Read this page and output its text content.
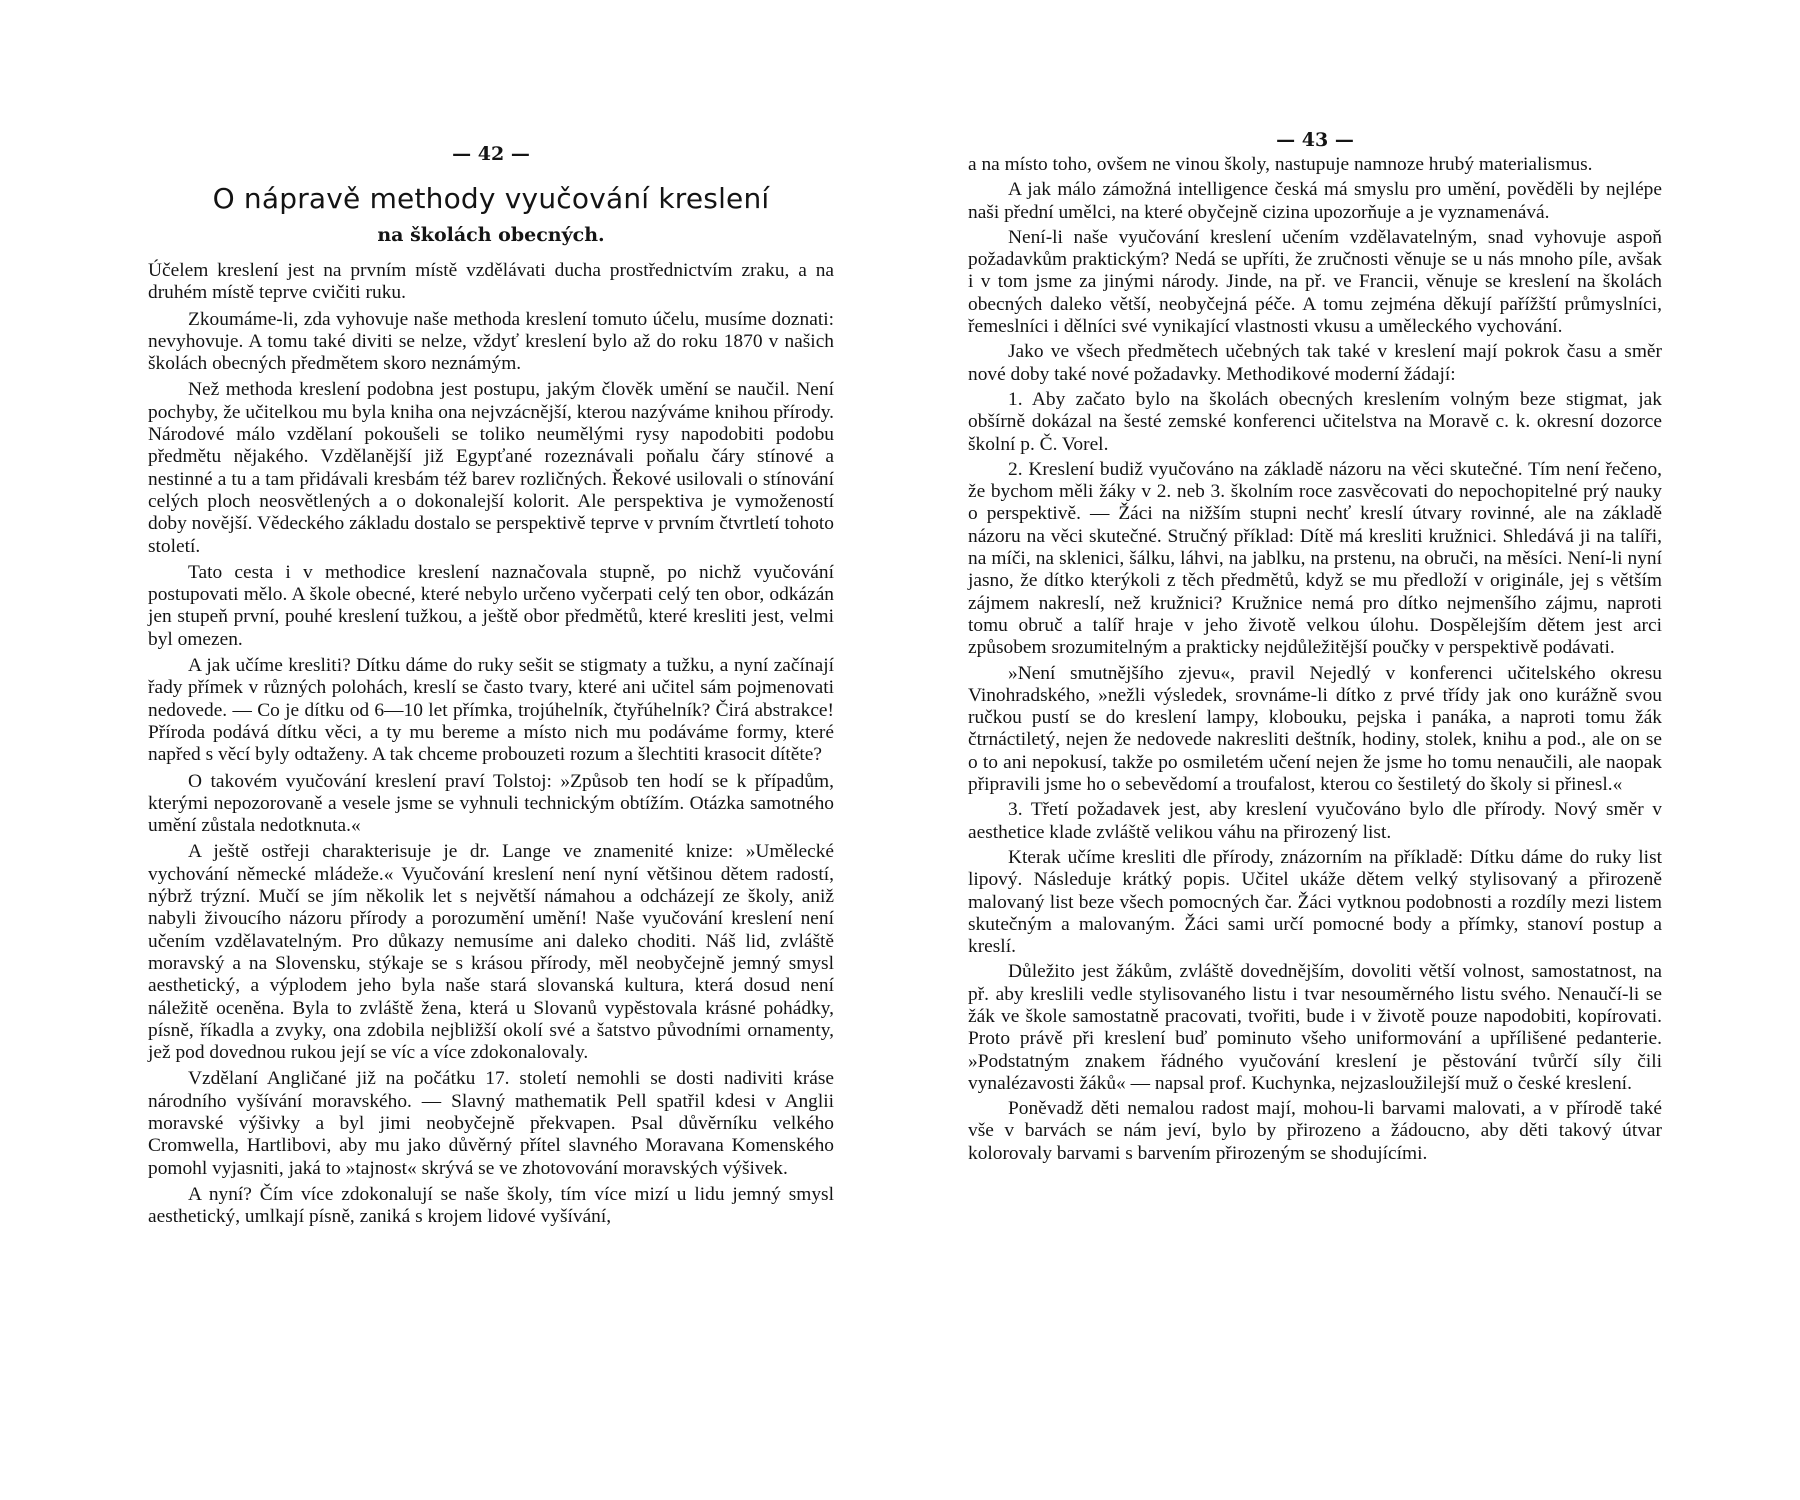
— 42 —
O nápravě methody vyučování kreslení
na školách obecných.

Účelem kreslení jest na prvním místě vzdělávati ducha prostřednictvím zraku, a na druhém místě teprve cvičiti ruku.

Zkoumáme-li, zda vyhovuje naše methoda kreslení tomuto účelu, musíme doznati: nevyhovuje. A tomu také diviti se nelze, vždyť kreslení bylo až do roku 1870 v našich školách obecných předmětem skoro neznámým.

Než methoda kreslení podobna jest postupu, jakým člověk umění se naučil. Není pochyby, že učitelkou mu byla kniha ona nejvzácnější, kterou nazýváme knihou přírody. Národové málo vzdělaní pokoušeli se toliko neumělými rysy napodobiti podobu předmětu nějakého. Vzdělanější již Egypťané rozeznávali poňalu čáry stínové a nestinné a tu a tam přidávali kresbám též barev rozličných. Řekové usilovali o stínování celých ploch neosvětlených a o dokonalejší kolorit. Ale perspektiva je vymožeností doby novější. Vědeckého základu dostalo se perspektivě teprve v prvním čtvrtletí tohoto století.

Tato cesta i v methodice kreslení naznačovala stupně, po nichž vyučování postupovati mělo. A škole obecné, které nebylo určeno vyčerpati celý ten obor, odkázán jen stupeň první, pouhé kreslení tužkou, a ještě obor předmětů, které kresliti jest, velmi byl omezen.

A jak učíme kresliti? Dítku dáme do ruky sešit se stigmaty a tužku, a nyní začínají řady přímek v různých polohách, kreslí se často tvary, které ani učitel sám pojmenovati nedovede. — Co je dítku od 6—10 let přímka, trojúhelník, čtyřúhelník? Čirá abstrakce! Příroda podává dítku věci, a ty mu bereme a místo nich mu podáváme formy, které napřed s věcí byly odtaženy. A tak chceme probouzeti rozum a šlechtiti krasocit dítěte?

O takovém vyučování kreslení praví Tolstoj: »Způsob ten hodí se k případům, kterými nepozorovaně a vesele jsme se vyhnuli technickým obtížím. Otázka samotného umění zůstala nedotknuta.«

A ještě ostřeji charakterisuje je dr. Lange ve znamenité knize: »Umělecké vychování německé mládeže.« Vyučování kreslení není nyní většinou dětem radostí, nýbrž trýzní. Mučí se jím několik let s největší námahou a odcházejí ze školy, aniž nabyli živoucího názoru přírody a porozumění umění! Naše vyučování kreslení není učením vzdělavatelným. Pro důkazy nemusíme ani daleko choditi. Náš lid, zvláště moravský a na Slovensku, stýkaje se s krásou přírody, měl neobyčejně jemný smysl aesthetický, a výplodem jeho byla naše stará slovanská kultura, která dosud není náležitě oceněna. Byla to zvláště žena, která u Slovanů vypěstovala krásné pohádky, písně, říkadla a zvyky, ona zdobila nejbližší okolí své a šatstvo původními ornamenty, jež pod dovednou rukou její se víc a více zdokonalovaly.

Vzdělaní Angličané již na počátku 17. století nemohli se dosti nadiviti kráse národního vyšívání moravského. — Slavný mathematik Pell spatřil kdesi v Anglii moravské výšivky a byl jimi neobyčejně překvapen. Psal důvěrníku velkého Cromwella, Hartlibovi, aby mu jako důvěrný přítel slavného Moravana Komenského pomohl vyjasniti, jaká to »tajnost« skrývá se ve zhotovování moravských výšivek.

A nyní? Čím více zdokonalují se naše školy, tím více mizí u lidu jemný smysl aesthetický, umlkají písně, zaniká s krojem lidové vyšívání,

— 43 —

a na místo toho, ovšem ne vinou školy, nastupuje namnoze hrubý materialismus.

A jak málo zámožná intelligence česká má smyslu pro umění, pověděli by nejlépe naši přední umělci, na které obyčejně cizina upozorňuje a je vyznamenává.

Není-li naše vyučování kreslení učením vzdělavatelným, snad vyhovuje aspoň požadavkům praktickým? Nedá se upříti, že zručnosti věnuje se u nás mnoho píle, avšak i v tom jsme za jinými národy. Jinde, na př. ve Francii, věnuje se kreslení na školách obecných daleko větší, neobyčejná péče. A tomu zejména děkují pařížští průmyslníci, řemeslníci i dělníci své vynikající vlastnosti vkusu a uměleckého vychování.

Jako ve všech předmětech učebných tak také v kreslení mají pokrok času a směr nové doby také nové požadavky. Methodikové moderní žádají:

1. Aby začato bylo na školách obecných kreslením volným beze stigmat, jak obšírně dokázal na šesté zemské konferenci učitelstva na Moravě c. k. okresní dozorce školní p. Č. Vorel.

2. Kreslení budiž vyučováno na základě názoru na věci skutečné. Tím není řečeno, že bychom měli žáky v 2. neb 3. školním roce zasvěcovati do nepochopitelné prý nauky o perspektivě. — Žáci na nižším stupni nechť kreslí útvary rovinné, ale na základě názoru na věci skutečné. Stručný příklad: Dítě má kresliti kružnici. Shledává ji na talíři, na míči, na sklenici, šálku, láhvi, na jablku, na prstenu, na obruči, na měsíci. Není-li nyní jasno, že dítko kterýkoli z těch předmětů, když se mu předloží v originále, jej s větším zájmem nakreslí, než kružnici? Kružnice nemá pro dítko nejmenšího zájmu, naproti tomu obruč a talíř hraje v jeho životě velkou úlohu. Dospělejším dětem jest arci způsobem srozumitelným a prakticky nejdůležitější poučky v perspektivě podávati.

»Není smutnějšího zjevu«, pravil Nejedlý v konferenci učitelského okresu Vinohradského, »nežli výsledek, srovnáme-li dítko z prvé třídy jak ono kurážně svou ručkou pustí se do kreslení lampy, klobouku, pejska i panáka, a naproti tomu žák čtrnáctiletý, nejen že nedovede nakresliti deštník, hodiny, stolek, knihu a pod., ale on se o to ani nepokusí, takže po osmiletém učení nejen že jsme ho tomu nenaučili, ale naopak připravili jsme ho o sebevědomí a troufalost, kterou co šestiletý do školy si přinesl.«

3. Třetí požadavek jest, aby kreslení vyučováno bylo dle přírody. Nový směr v aesthetice klade zvláště velikou váhu na přirozený list.

Kterak učíme kresliti dle přírody, znázorním na příkladě: Dítku dáme do ruky list lipový. Následuje krátký popis. Učitel ukáže dětem velký stylisovaný a přirozeně malovaný list beze všech pomocných čar. Žáci vytknou podobnosti a rozdíly mezi listem skutečným a malovaným. Žáci sami určí pomocné body a přímky, stanoví postup a kreslí.

Důležito jest žákům, zvláště dovednějším, dovoliti větší volnost, samostatnost, na př. aby kreslili vedle stylisovaného listu i tvar nesouměrného listu svého. Nenaučí-li se žák ve škole samostatně pracovati, tvořiti, bude i v životě pouze napodobiti, kopírovati. Proto právě při kreslení buď pominuto všeho uniformování a upřílišené pedanterie. »Podstatným znakem řádného vyučování kreslení je pěstování tvůrčí síly čili vynalézavosti žáků« — napsal prof. Kuchynka, nejzasloužilejší muž o české kreslení.

Poněvadž děti nemalou radost mají, mohou-li barvami malovati, a v přírodě také vše v barvách se nám jeví, bylo by přirozeno a žádoucno, aby děti takový útvar kolorovaly barvami s barvením přirozeným se shodujícími.
